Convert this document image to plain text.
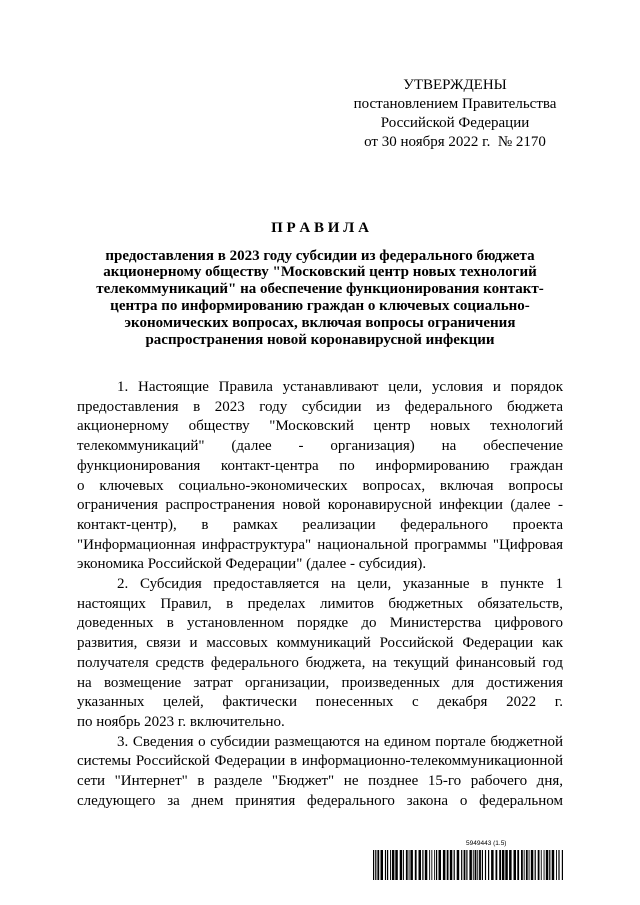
УТВЕРЖДЕНЫ
постановлением Правительства
Российской Федерации
от 30 ноября 2022 г.  № 2170
П Р А В И Л А
предоставления в 2023 году субсидии из федерального бюджета
акционерному обществу "Московский центр новых технологий
телекоммуникаций" на обеспечение функционирования контакт-
центра по информированию граждан о ключевых социально-
экономических вопросах, включая вопросы ограничения
распространения новой коронавирусной инфекции
1. Настоящие Правила устанавливают цели, условия и порядок
предоставления в 2023 году субсидии из федерального бюджета
акционерному обществу "Московский центр новых технологий
телекоммуникаций" (далее - организация) на обеспечение
функционирования контакт-центра по информированию граждан
о ключевых социально-экономических вопросах, включая вопросы
ограничения распространения новой коронавирусной инфекции (далее -
контакт-центр), в рамках реализации федерального проекта
"Информационная инфраструктура" национальной программы "Цифровая
экономика Российской Федерации" (далее - субсидия).
2. Субсидия предоставляется на цели, указанные в пункте 1
настоящих Правил, в пределах лимитов бюджетных обязательств,
доведенных в установленном порядке до Министерства цифрового
развития, связи и массовых коммуникаций Российской Федерации как
получателя средств федерального бюджета, на текущий финансовый год
на возмещение затрат организации, произведенных для достижения
указанных целей, фактически понесенных с декабря 2022 г.
по ноябрь 2023 г. включительно.
3. Сведения о субсидии размещаются на едином портале бюджетной
системы Российской Федерации в информационно-телекоммуникационной
сети "Интернет" в разделе "Бюджет" не позднее 15-го рабочего дня,
следующего за днем принятия федерального закона о федеральном
5949443 (1.5)
